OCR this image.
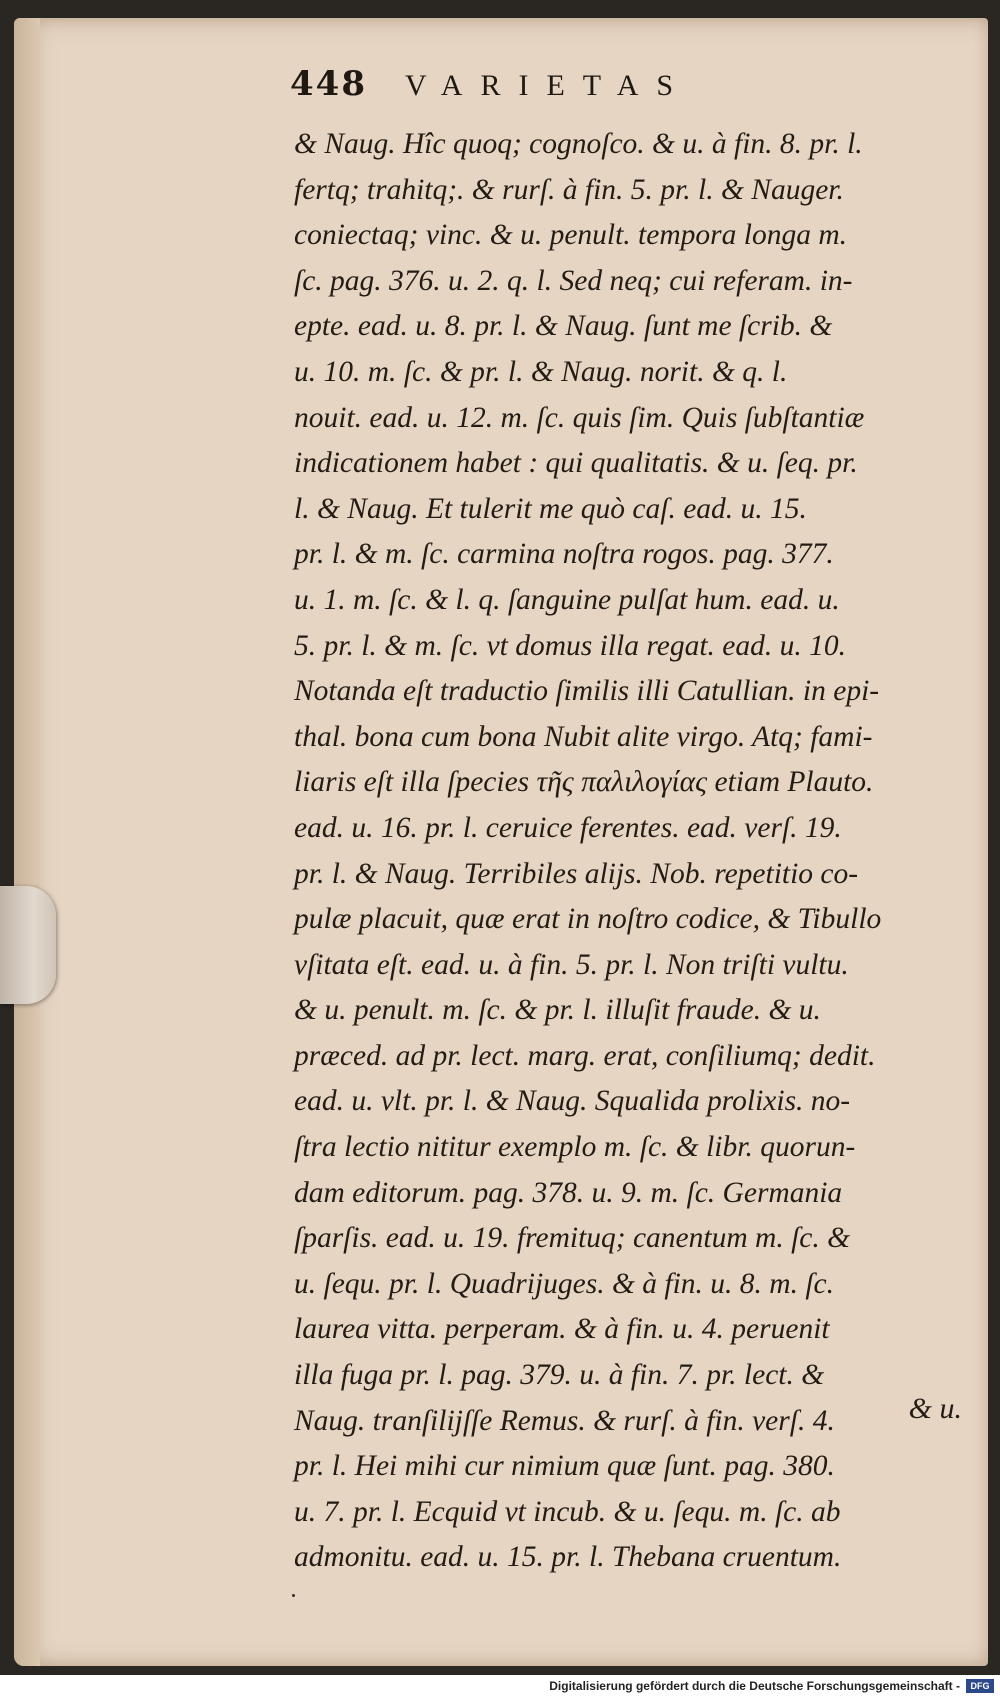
448 VARIETAS
& Naug. Hîc quoq; cognoſco. & u. à fin. 8. pr. l.
fertq; trahitq;. & rurſ. à fin. 5. pr. l. & Nauger.
coniectaq; vinc. & u. penult. tempora longa m.
ſc. pag. 376. u. 2. q. l. Sed neq; cui referam. in-
epte. ead. u. 8. pr. l. & Naug. ſunt me ſcrib. &
u. 10. m. ſc. & pr. l. & Naug. norit. & q. l.
nouit. ead. u. 12. m. ſc. quis ſim. Quis ſubſtantiæ
indicationem habet : qui qualitatis. & u. ſeq. pr.
l. & Naug. Et tulerit me quò caſ. ead. u. 15.
pr. l. & m. ſc. carmina noſtra rogos. pag. 377.
u. 1. m. ſc. & l. q. ſanguine pulſat hum. ead. u.
5. pr. l. & m. ſc. vt domus illa regat. ead. u. 10.
Notanda eſt traductio ſimilis illi Catullian. in epi-
thal. bona cum bona Nubit alite virgo. Atq; fami-
liaris eſt illa ſpecies τῆς παλιλογίας etiam Plauto.
ead. u. 16. pr. l. ceruice ferentes. ead. verſ. 19.
pr. l. & Naug. Terribiles alijs. Nob. repetitio co-
pulæ placuit, quæ erat in noſtro codice, & Tibullo
vſitata eſt. ead. u. à fin. 5. pr. l. Non triſti vultu.
& u. penult. m. ſc. & pr. l. illuſit fraude. & u.
præced. ad pr. lect. marg. erat, conſiliumq; dedit.
ead. u. vlt. pr. l. & Naug. Squalida prolixis. no-
ſtra lectio nititur exemplo m. ſc. & libr. quorun-
dam editorum. pag. 378. u. 9. m. ſc. Germania
ſparſis. ead. u. 19. fremituq; canentum m. ſc. &
u. ſequ. pr. l. Quadrijuges. & à fin. u. 8. m. ſc.
laurea vitta. perperam. & à fin. u. 4. peruenit
illa fuga pr. l. pag. 379. u. à fin. 7. pr. lect. &
Naug. tranſilijſſe Remus. & rurſ. à fin. verſ. 4.
pr. l. Hei mihi cur nimium quæ ſunt. pag. 380.
u. 7. pr. l. Ecquid vt incub. & u. ſequ. m. ſc. ab
admonitu. ead. u. 15. pr. l. Thebana cruentum.
& u.
Digitalisierung gefördert durch die Deutsche Forschungsgemeinschaft -	DFG
